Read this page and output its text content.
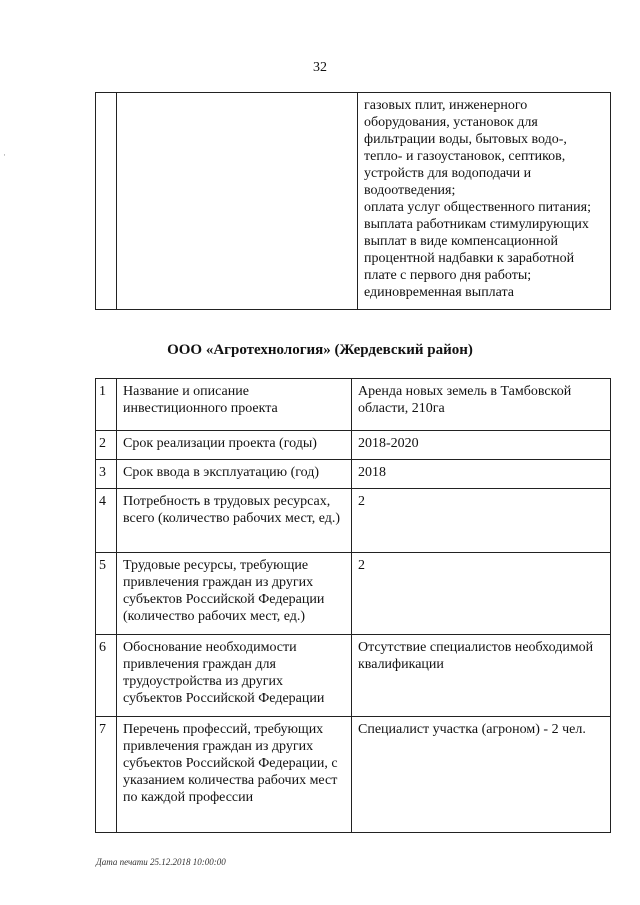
32
·

газовых плит, инженерного
оборудования, установок для
фильтрации воды, бытовых водо-,
тепло- и газоустановок, септиков,
устройств для водоподачи и
водоотведения;
оплата услуг общественного питания;
выплата работникам стимулирующих
выплат в виде компенсационной
процентной надбавки к заработной
плате с первого дня работы;
единовременная выплата
ООО «Агротехнология» (Жердевский район)
1	Название и описание инвестиционного проекта	Аренда новых земель в Тамбовской области, 210га
2	Срок реализации проекта (годы)	2018-2020
3	Срок ввода в эксплуатацию (год)	2018
4	Потребность в трудовых ресурсах, всего (количество рабочих мест, ед.)	2
5	Трудовые ресурсы, требующие привлечения граждан из других субъектов Российской Федерации (количество рабочих мест, ед.)	2
6	Обоснование необходимости привлечения граждан для трудоустройства из других субъектов Российской Федерации	Отсутствие специалистов необходимой квалификации
7	Перечень профессий, требующих привлечения граждан из других субъектов Российской Федерации, с указанием количества рабочих мест по каждой профессии	Специалист участка (агроном) - 2 чел.
Дата печати 25.12.2018 10:00:00
